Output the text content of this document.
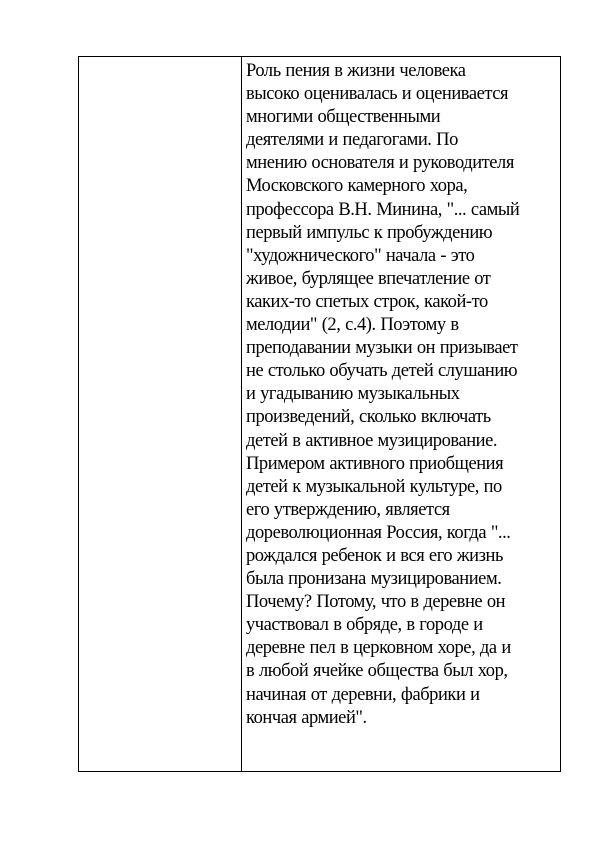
Роль пения в жизни человека
высоко оценивалась и оценивается
многими общественными
деятелями и педагогами. По
мнению основателя и руководителя
Московского камерного хора,
профессора В.Н. Минина, "... самый
первый импульс к пробуждению
"художнического" начала - это
живое, бурлящее впечатление от
каких-то спетых строк, какой-то
мелодии" (2, с.4). Поэтому в
преподавании музыки он призывает
не столько обучать детей слушанию
и угадыванию музыкальных
произведений, сколько включать
детей в активное музицирование.
Примером активного приобщения
детей к музыкальной культуре, по
его утверждению, является
дореволюционная Россия, когда "...
рождался ребенок и вся его жизнь
была пронизана музицированием.
Почему? Потому, что в деревне он
участвовал в обряде, в городе и
деревне пел в церковном хоре, да и
в любой ячейке общества был хор,
начиная от деревни, фабрики и
кончая армией".
